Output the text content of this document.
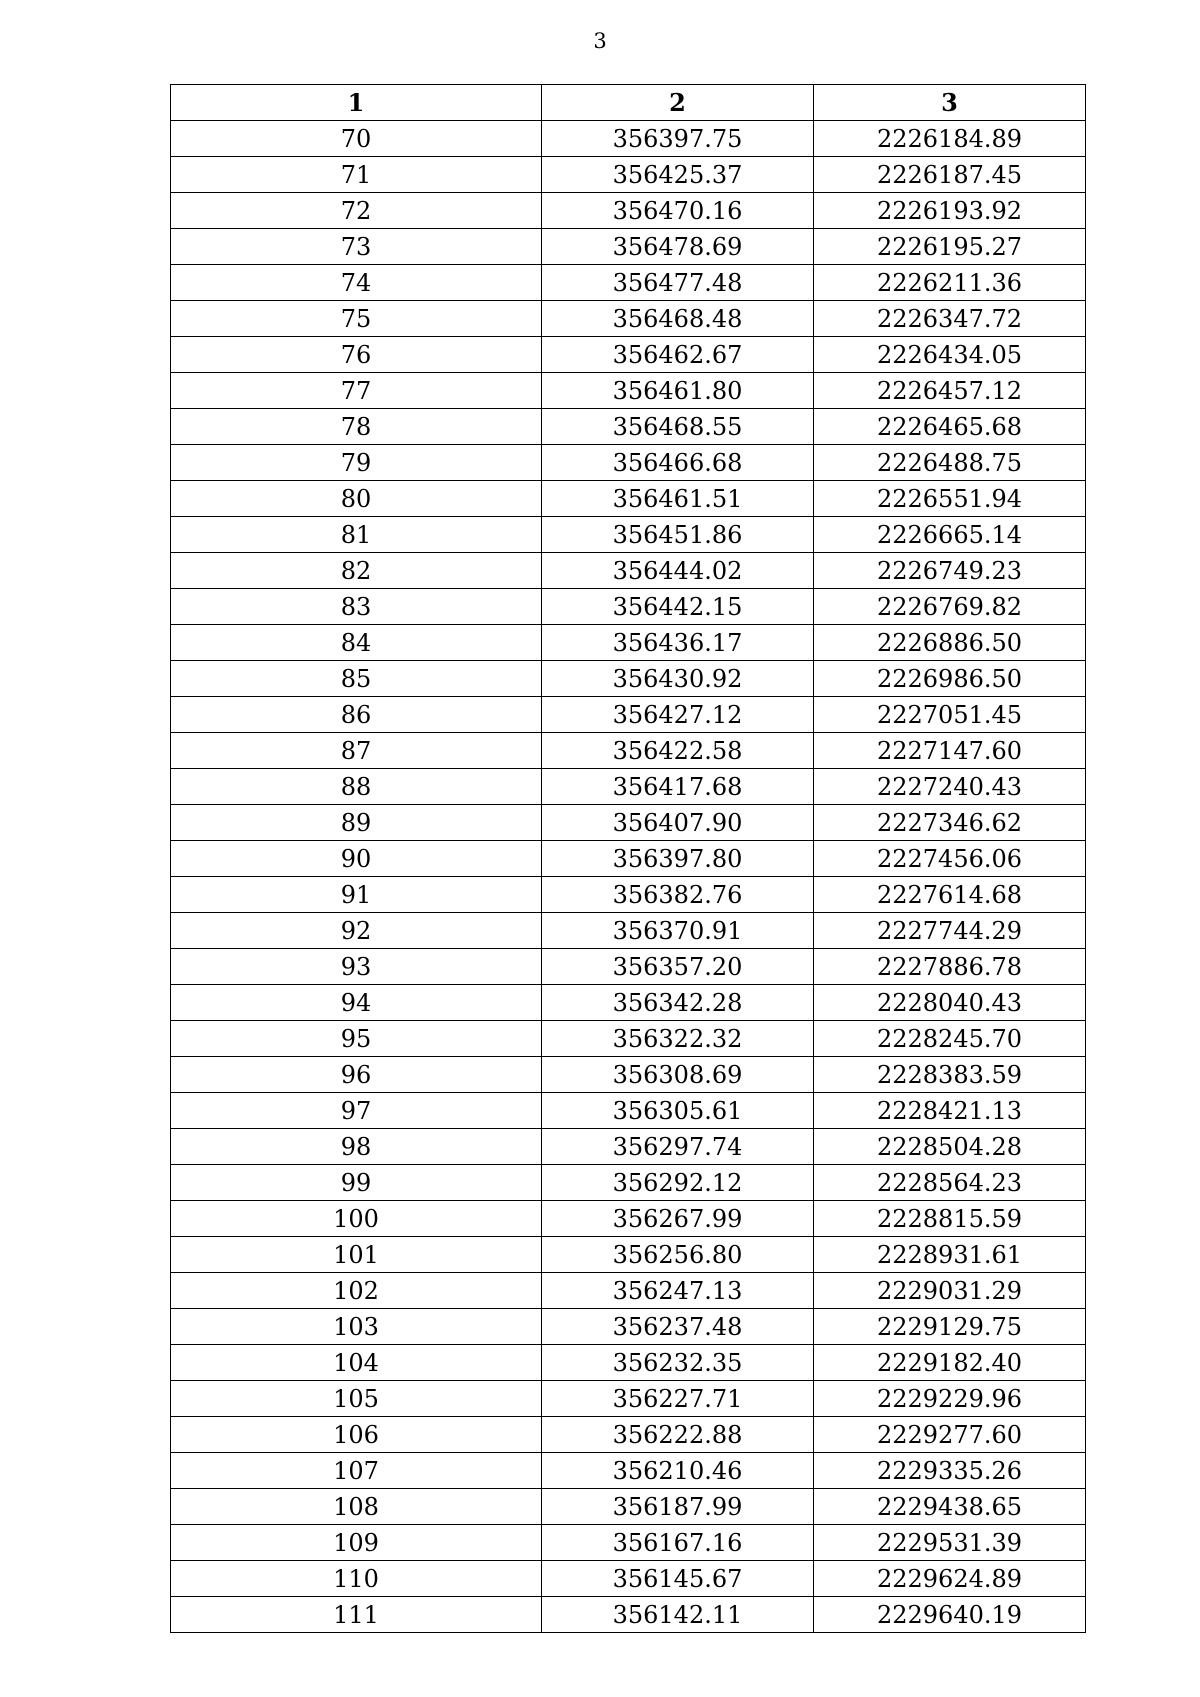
3
1	2	3
70	356397.75	2226184.89
71	356425.37	2226187.45
72	356470.16	2226193.92
73	356478.69	2226195.27
74	356477.48	2226211.36
75	356468.48	2226347.72
76	356462.67	2226434.05
77	356461.80	2226457.12
78	356468.55	2226465.68
79	356466.68	2226488.75
80	356461.51	2226551.94
81	356451.86	2226665.14
82	356444.02	2226749.23
83	356442.15	2226769.82
84	356436.17	2226886.50
85	356430.92	2226986.50
86	356427.12	2227051.45
87	356422.58	2227147.60
88	356417.68	2227240.43
89	356407.90	2227346.62
90	356397.80	2227456.06
91	356382.76	2227614.68
92	356370.91	2227744.29
93	356357.20	2227886.78
94	356342.28	2228040.43
95	356322.32	2228245.70
96	356308.69	2228383.59
97	356305.61	2228421.13
98	356297.74	2228504.28
99	356292.12	2228564.23
100	356267.99	2228815.59
101	356256.80	2228931.61
102	356247.13	2229031.29
103	356237.48	2229129.75
104	356232.35	2229182.40
105	356227.71	2229229.96
106	356222.88	2229277.60
107	356210.46	2229335.26
108	356187.99	2229438.65
109	356167.16	2229531.39
110	356145.67	2229624.89
111	356142.11	2229640.19
